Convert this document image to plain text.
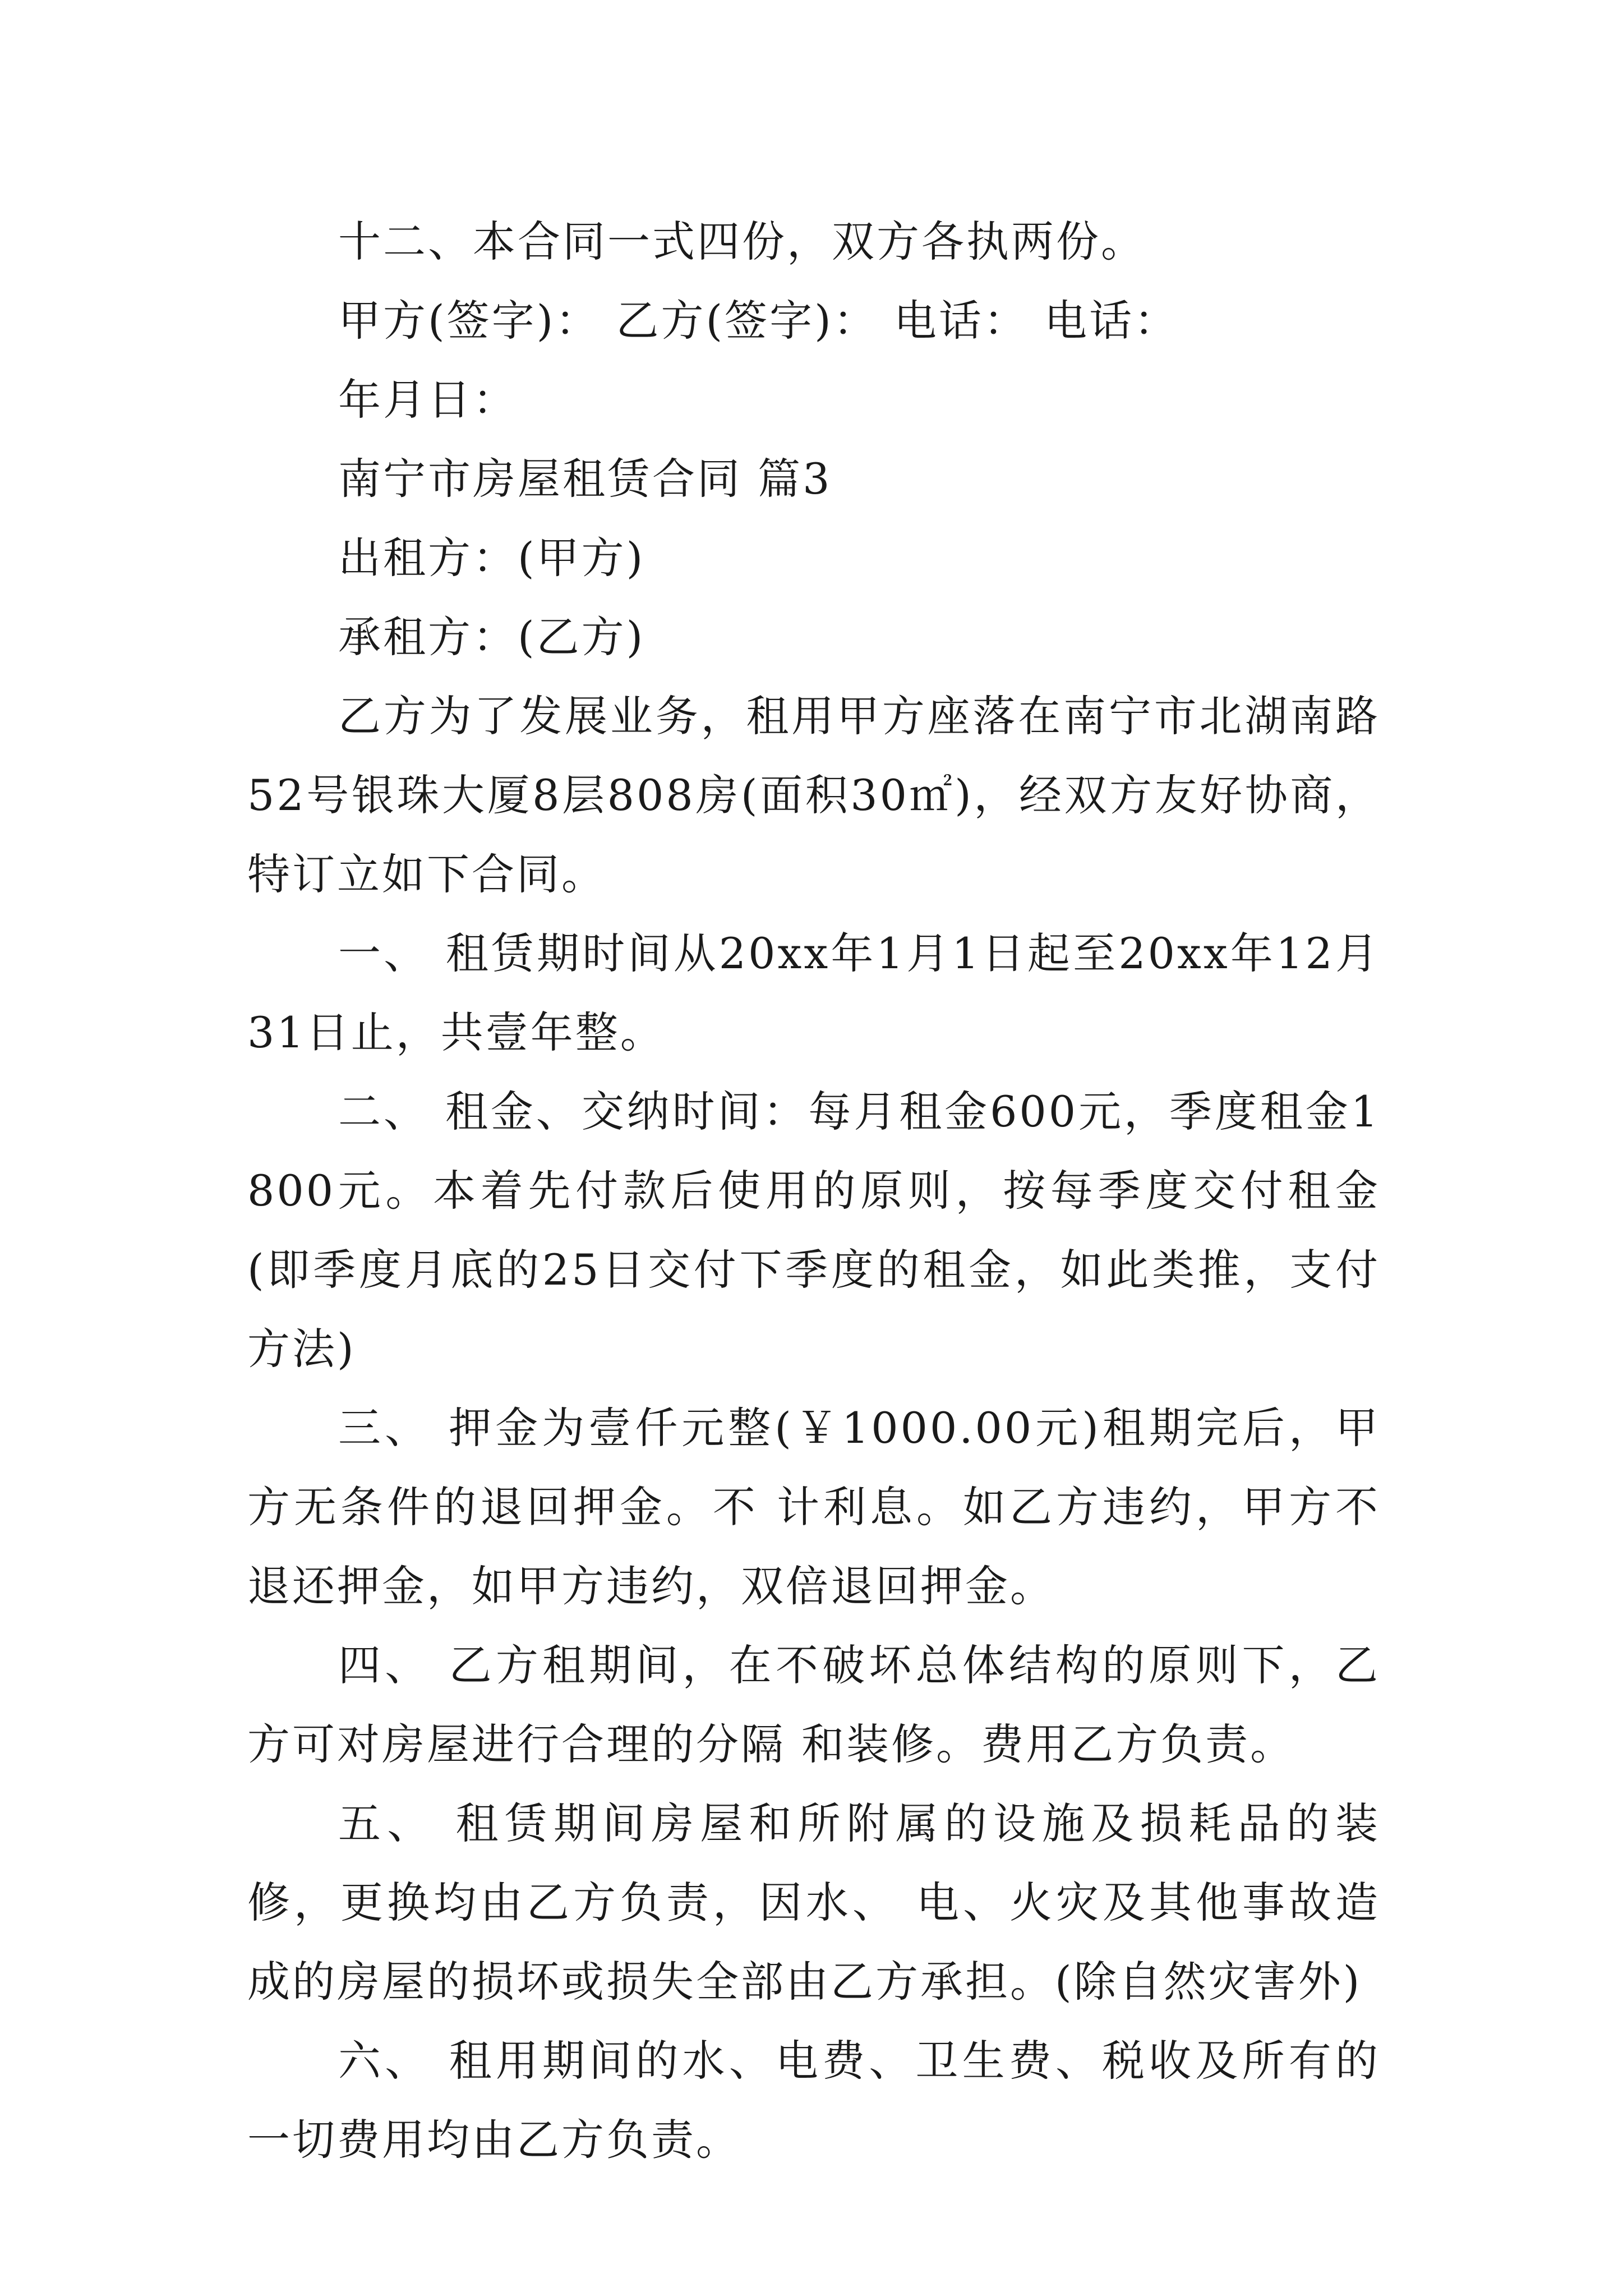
十二、本合同一式四份，双方各执两份。

甲方(签字)： 乙方(签字)： 电话： 电话：

年月日：

南宁市房屋租赁合同 篇3

出租方：(甲方)

承租方：(乙方)

乙方为了发展业务，租用甲方座落在南宁市北湖南路52号银珠大厦8层808房(面积30㎡)，经双方友好协商，特订立如下合同。

一、 租赁期时间从20xx年1月1日起至20xx年12月31日止，共壹年整。

二、 租金、交纳时间：每月租金600元，季度租金1800元。本着先付款后使用的原则，按每季度交付租金(即季度月底的25日交付下季度的租金，如此类推，支付方法)

三、 押金为壹仟元整(￥1000.00元)租期完后，甲方无条件的退回押金。不 计利息。如乙方违约，甲方不退还押金，如甲方违约，双倍退回押金。

四、 乙方租期间，在不破坏总体结构的原则下，乙方可对房屋进行合理的分隔 和装修。费用乙方负责。

五、 租赁期间房屋和所附属的设施及损耗品的装修，更换均由乙方负责，因水、 电、火灾及其他事故造成的房屋的损坏或损失全部由乙方承担。(除自然灾害外)

六、 租用期间的水、电费、卫生费、税收及所有的一切费用均由乙方负责。
